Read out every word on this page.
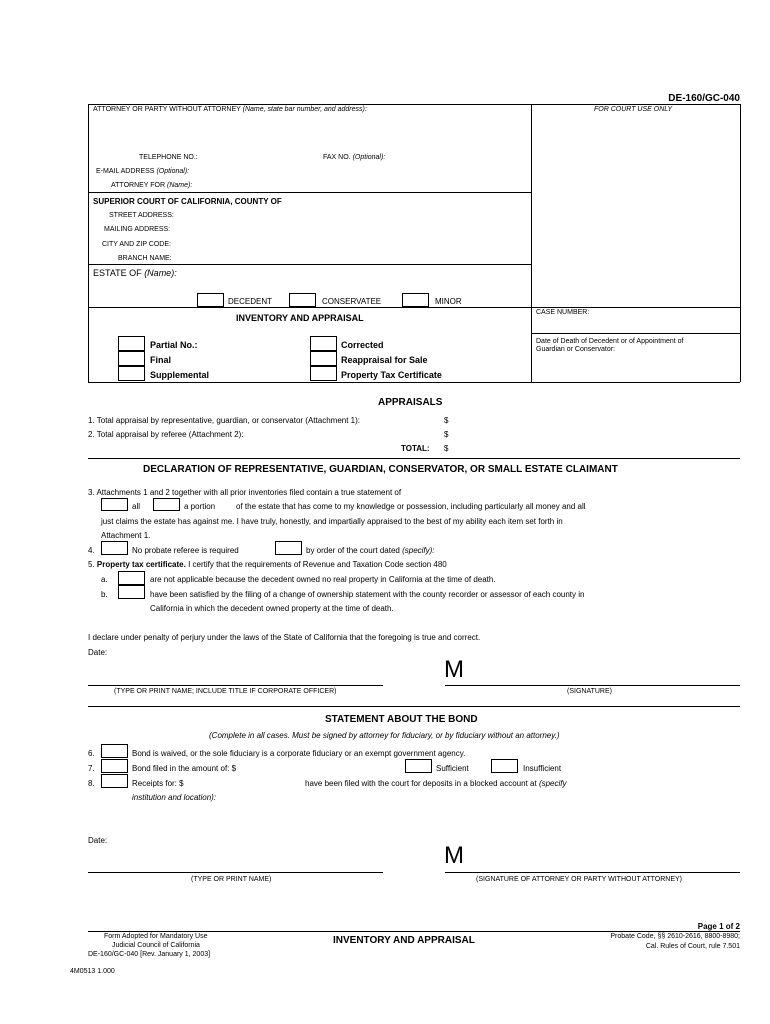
DE-160/GC-040
ATTORNEY OR PARTY WITHOUT ATTORNEY (Name, state bar number, and address):	FOR COURT USE ONLY
TELEPHONE NO.:	FAX NO. (Optional):
E-MAIL ADDRESS (Optional):
ATTORNEY FOR (Name):
SUPERIOR COURT OF CALIFORNIA, COUNTY OF
STREET ADDRESS:
MAILING ADDRESS:
CITY AND ZIP CODE:
BRANCH NAME:
ESTATE OF (Name):
DECEDENT	CONSERVATEE	MINOR
INVENTORY AND APPRAISAL
CASE NUMBER:
Date of Death of Decedent or of Appointment of
Guardian or Conservator:
Partial No.:
Final
Supplemental
Corrected
Reappraisal for Sale
Property Tax Certificate
APPRAISALS
1. Total appraisal by representative, guardian, or conservator (Attachment 1):	$
2. Total appraisal by referee (Attachment 2):	$
TOTAL: $
DECLARATION OF REPRESENTATIVE, GUARDIAN, CONSERVATOR, OR SMALL ESTATE CLAIMANT
3. Attachments 1 and 2 together with all prior inventories filed contain a true statement of
all	a portion	of the estate that has come to my knowledge or possession, including particularly all money and all
just claims the estate has against me. I have truly, honestly, and impartially appraised to the best of my ability each item set forth in
Attachment 1.
4.	No probate referee is required	by order of the court dated (specify):
5. Property tax certificate. I certify that the requirements of Revenue and Taxation Code section 480
a.	are not applicable because the decedent owned no real property in California at the time of death.
b.	have been satisfied by the filing of a change of ownership statement with the county recorder or assessor of each county in
California in which the decedent owned property at the time of death.
I declare under penalty of perjury under the laws of the State of California that the foregoing is true and correct.
Date:
M
(TYPE OR PRINT NAME; INCLUDE TITLE IF CORPORATE OFFICER)	(SIGNATURE)
STATEMENT ABOUT THE BOND
(Complete in all cases. Must be signed by attorney for fiduciary, or by fiduciary without an attorney.)
6.	Bond is waived, or the sole fiduciary is a corporate fiduciary or an exempt government agency.
7.	Bond filed in the amount of: $	Sufficient	Insufficient
8.	Receipts for: $	have been filed with the court for deposits in a blocked account at (specify
institution and location):
Date:
M
(TYPE OR PRINT NAME)	(SIGNATURE OF ATTORNEY OR PARTY WITHOUT ATTORNEY)
Page 1 of 2
Form Adopted for Mandatory Use
Judicial Council of California
DE-160/GC-040 [Rev. January 1, 2003]
INVENTORY AND APPRAISAL	Probate Code, §§ 2610-2616, 8800-8980;
Cal. Rules of Court, rule 7.501
4M0513 1.000
